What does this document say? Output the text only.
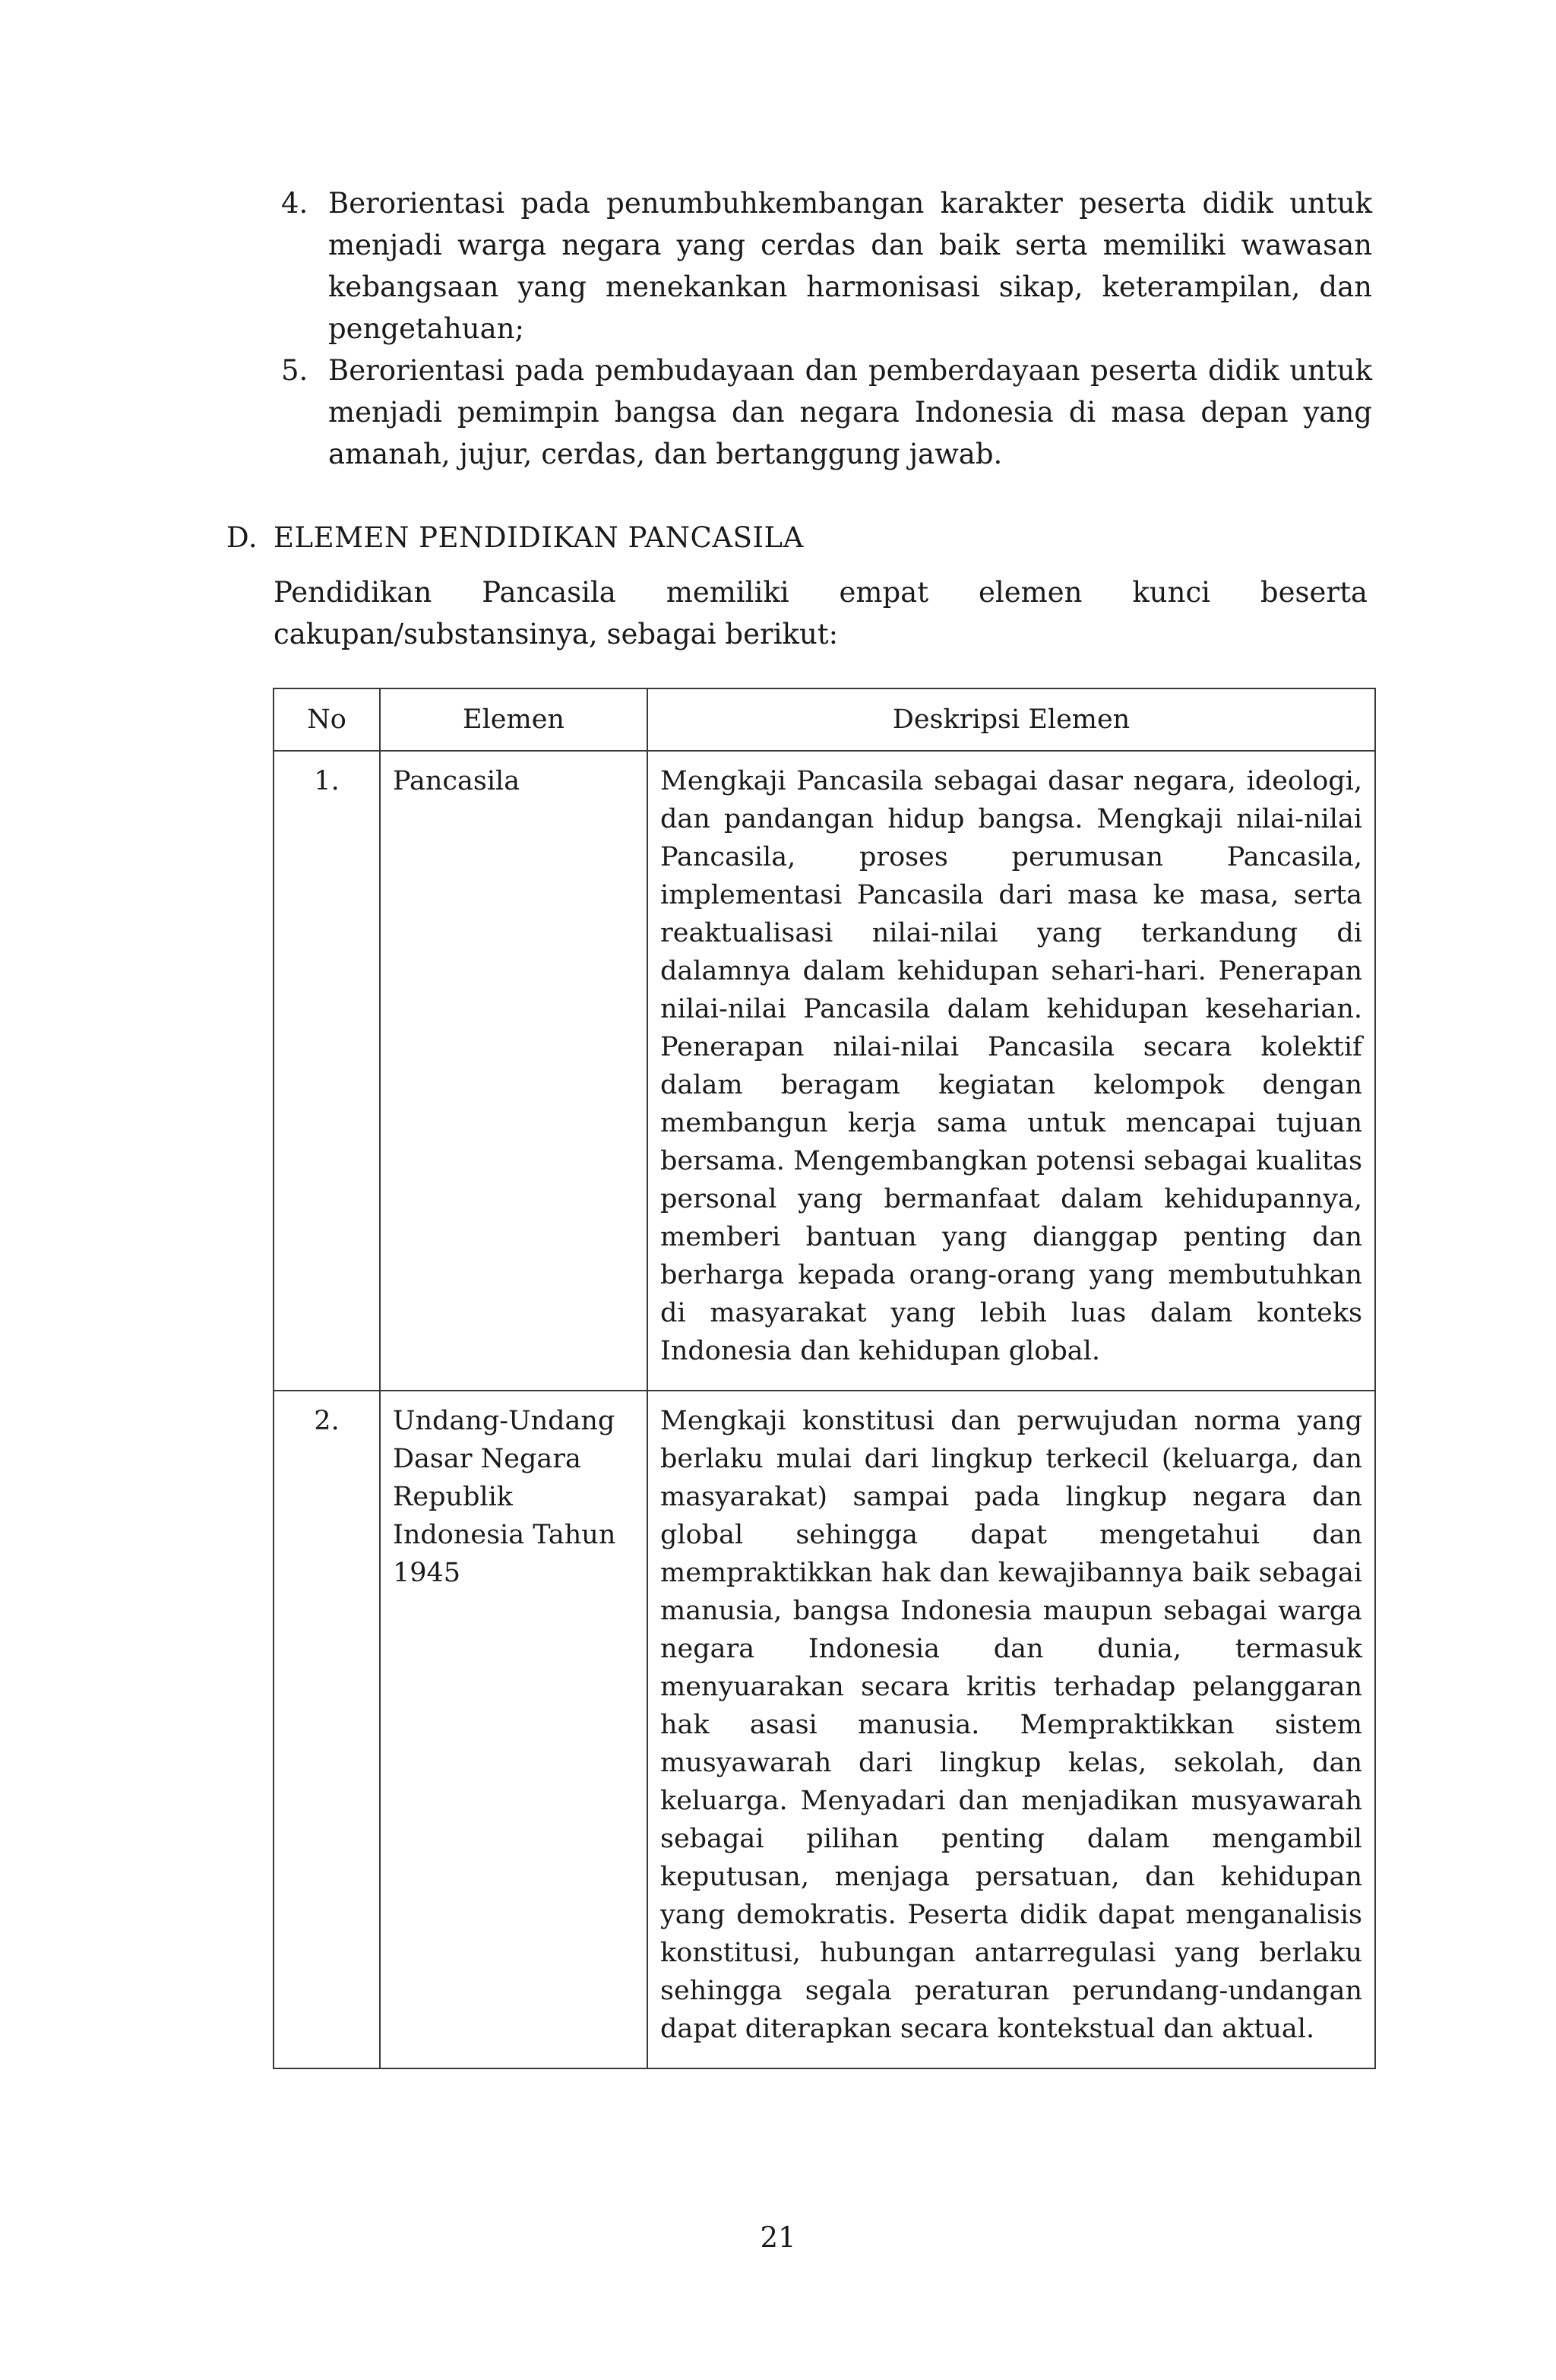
4. Berorientasi pada penumbuhkembangan karakter peserta didik untuk menjadi warga negara yang cerdas dan baik serta memiliki wawasan kebangsaan yang menekankan harmonisasi sikap, keterampilan, dan pengetahuan;
5. Berorientasi pada pembudayaan dan pemberdayaan peserta didik untuk menjadi pemimpin bangsa dan negara Indonesia di masa depan yang amanah, jujur, cerdas, dan bertanggung jawab.
D. ELEMEN PENDIDIKAN PANCASILA

Pendidikan Pancasila memiliki empat elemen kunci beserta
cakupan/substansinya, sebagai berikut:

No	Elemen	Deskripsi Elemen
1.	Pancasila	Mengkaji Pancasila sebagai dasar negara, ideologi, dan pandangan hidup bangsa. Mengkaji nilai-nilai Pancasila, proses perumusan Pancasila, implementasi Pancasila dari masa ke masa, serta reaktualisasi nilai-nilai yang terkandung di dalamnya dalam kehidupan sehari-hari. Penerapan nilai-nilai Pancasila dalam kehidupan keseharian. Penerapan nilai-nilai Pancasila secara kolektif dalam beragam kegiatan kelompok dengan membangun kerja sama untuk mencapai tujuan bersama. Mengembangkan potensi sebagai kualitas personal yang bermanfaat dalam kehidupannya, memberi bantuan yang dianggap penting dan berharga kepada orang-orang yang membutuhkan di masyarakat yang lebih luas dalam konteks Indonesia dan kehidupan global.
2.	Undang-Undang Dasar Negara Republik Indonesia Tahun 1945	Mengkaji konstitusi dan perwujudan norma yang berlaku mulai dari lingkup terkecil (keluarga, dan masyarakat) sampai pada lingkup negara dan global sehingga dapat mengetahui dan mempraktikkan hak dan kewajibannya baik sebagai manusia, bangsa Indonesia maupun sebagai warga negara Indonesia dan dunia, termasuk menyuarakan secara kritis terhadap pelanggaran hak asasi manusia. Mempraktikkan sistem musyawarah dari lingkup kelas, sekolah, dan keluarga. Menyadari dan menjadikan musyawarah sebagai pilihan penting dalam mengambil keputusan, menjaga persatuan, dan kehidupan yang demokratis. Peserta didik dapat menganalisis konstitusi, hubungan antarregulasi yang berlaku sehingga segala peraturan perundang-undangan dapat diterapkan secara kontekstual dan aktual.
21
